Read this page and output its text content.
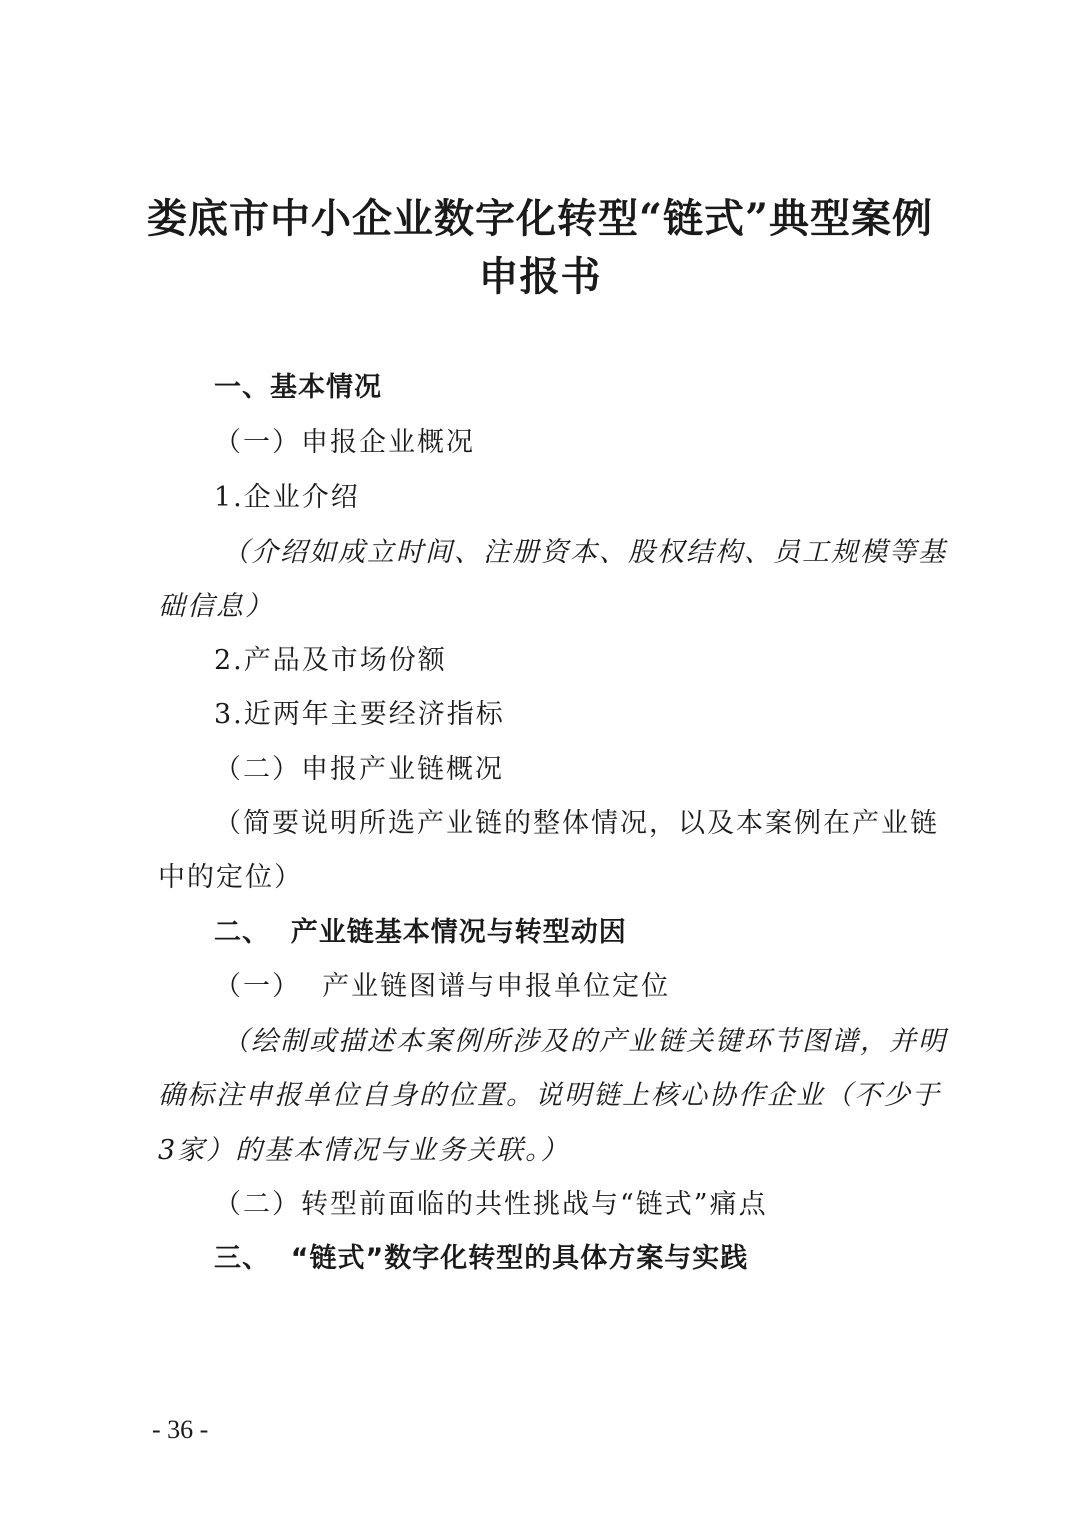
娄底市中小企业数字化转型“链式”典型案例
申报书
一、基本情况
（一）申报企业概况
1.企业介绍
（介绍如成立时间、注册资本、股权结构、员工规模等基
础信息）
2.产品及市场份额
3.近两年主要经济指标
（二）申报产业链概况
（简要说明所选产业链的整体情况，以及本案例在产业链
中的定位）
二、  产业链基本情况与转型动因
（一）  产业链图谱与申报单位定位
（绘制或描述本案例所涉及的产业链关键环节图谱，并明
确标注申报单位自身的位置。说明链上核心协作企业（不少于
3家）的基本情况与业务关联。）
（二）转型前面临的共性挑战与“链式”痛点
三、  “链式”数字化转型的具体方案与实践
- 36 -
